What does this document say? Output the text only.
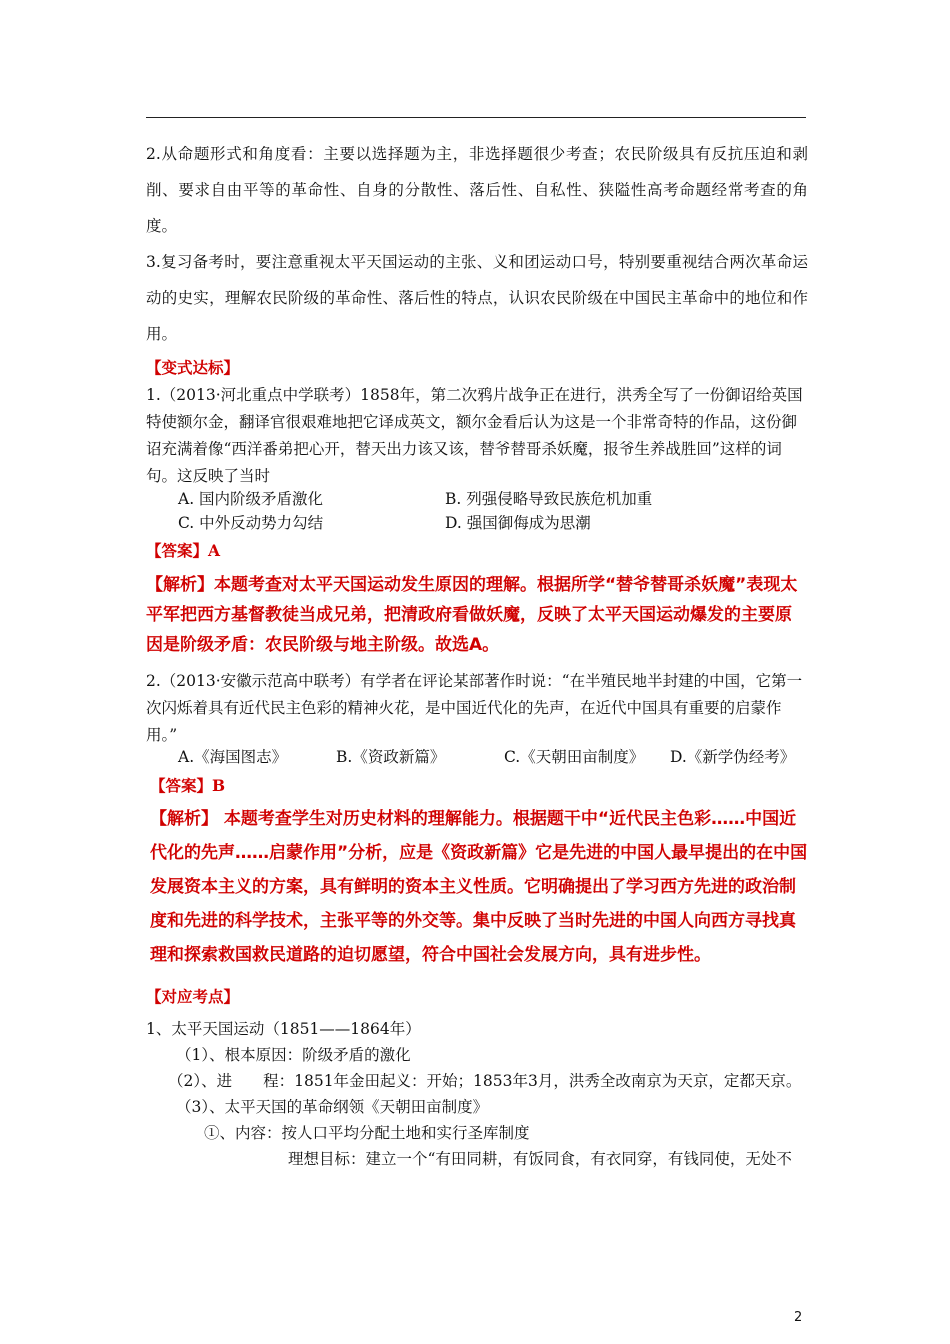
2.从命题形式和角度看：主要以选择题为主，非选择题很少考查；农民阶级具有反抗压迫和剥削、要求自由平等的革命性、自身的分散性、落后性、自私性、狭隘性高考命题经常考查的角度。

3.复习备考时，要注意重视太平天国运动的主张、义和团运动口号，特别要重视结合两次革命运动的史实，理解农民阶级的革命性、落后性的特点，认识农民阶级在中国民主革命中的地位和作用。

【变式达标】

1.（2013·河北重点中学联考）1858年，第二次鸦片战争正在进行，洪秀全写了一份御诏给英国特使额尔金，翻译官很艰难地把它译成英文，额尔金看后认为这是一个非常奇特的作品，这份御诏充满着像“西洋番弟把心开，替天出力该又该，替爷替哥杀妖魔，报爷生养战胜回”这样的词句。这反映了当时

A. 国内阶级矛盾激化	B. 列强侵略导致民族危机加重
C. 中外反动势力勾结	D. 强国御侮成为思潮
【答案】A

【解析】本题考查对太平天国运动发生原因的理解。根据所学“替爷替哥杀妖魔”表现太平军把西方基督教徒当成兄弟，把清政府看做妖魔，反映了太平天国运动爆发的主要原因是阶级矛盾：农民阶级与地主阶级。故选A。

2.（2013·安徽示范高中联考）有学者在评论某部著作时说：“在半殖民地半封建的中国，它第一次闪烁着具有近代民主色彩的精神火花，是中国近代化的先声，在近代中国具有重要的启蒙作用。”

A.《海国图志》	B.《资政新篇》	C.《天朝田亩制度》 D.《新学伪经考》
【答案】B

【解析】 本题考查学生对历史材料的理解能力。根据题干中“近代民主色彩……中国近代化的先声……启蒙作用”分析，应是《资政新篇》它是先进的中国人最早提出的在中国发展资本主义的方案，具有鲜明的资本主义性质。它明确提出了学习西方先进的政治制度和先进的科学技术，主张平等的外交等。集中反映了当时先进的中国人向西方寻找真理和探索救国救民道路的迫切愿望，符合中国社会发展方向，具有进步性。

【对应考点】
1、太平天国运动（1851——1864年）
（1）、根本原因：阶级矛盾的激化
（2）、进　　程：1851年金田起义：开始；1853年3月，洪秀全改南京为天京，定都天京。
（3）、太平天国的革命纲领《天朝田亩制度》
①、内容：按人口平均分配土地和实行圣库制度
理想目标：建立一个“有田同耕，有饭同食，有衣同穿，有钱同使，无处不
2
